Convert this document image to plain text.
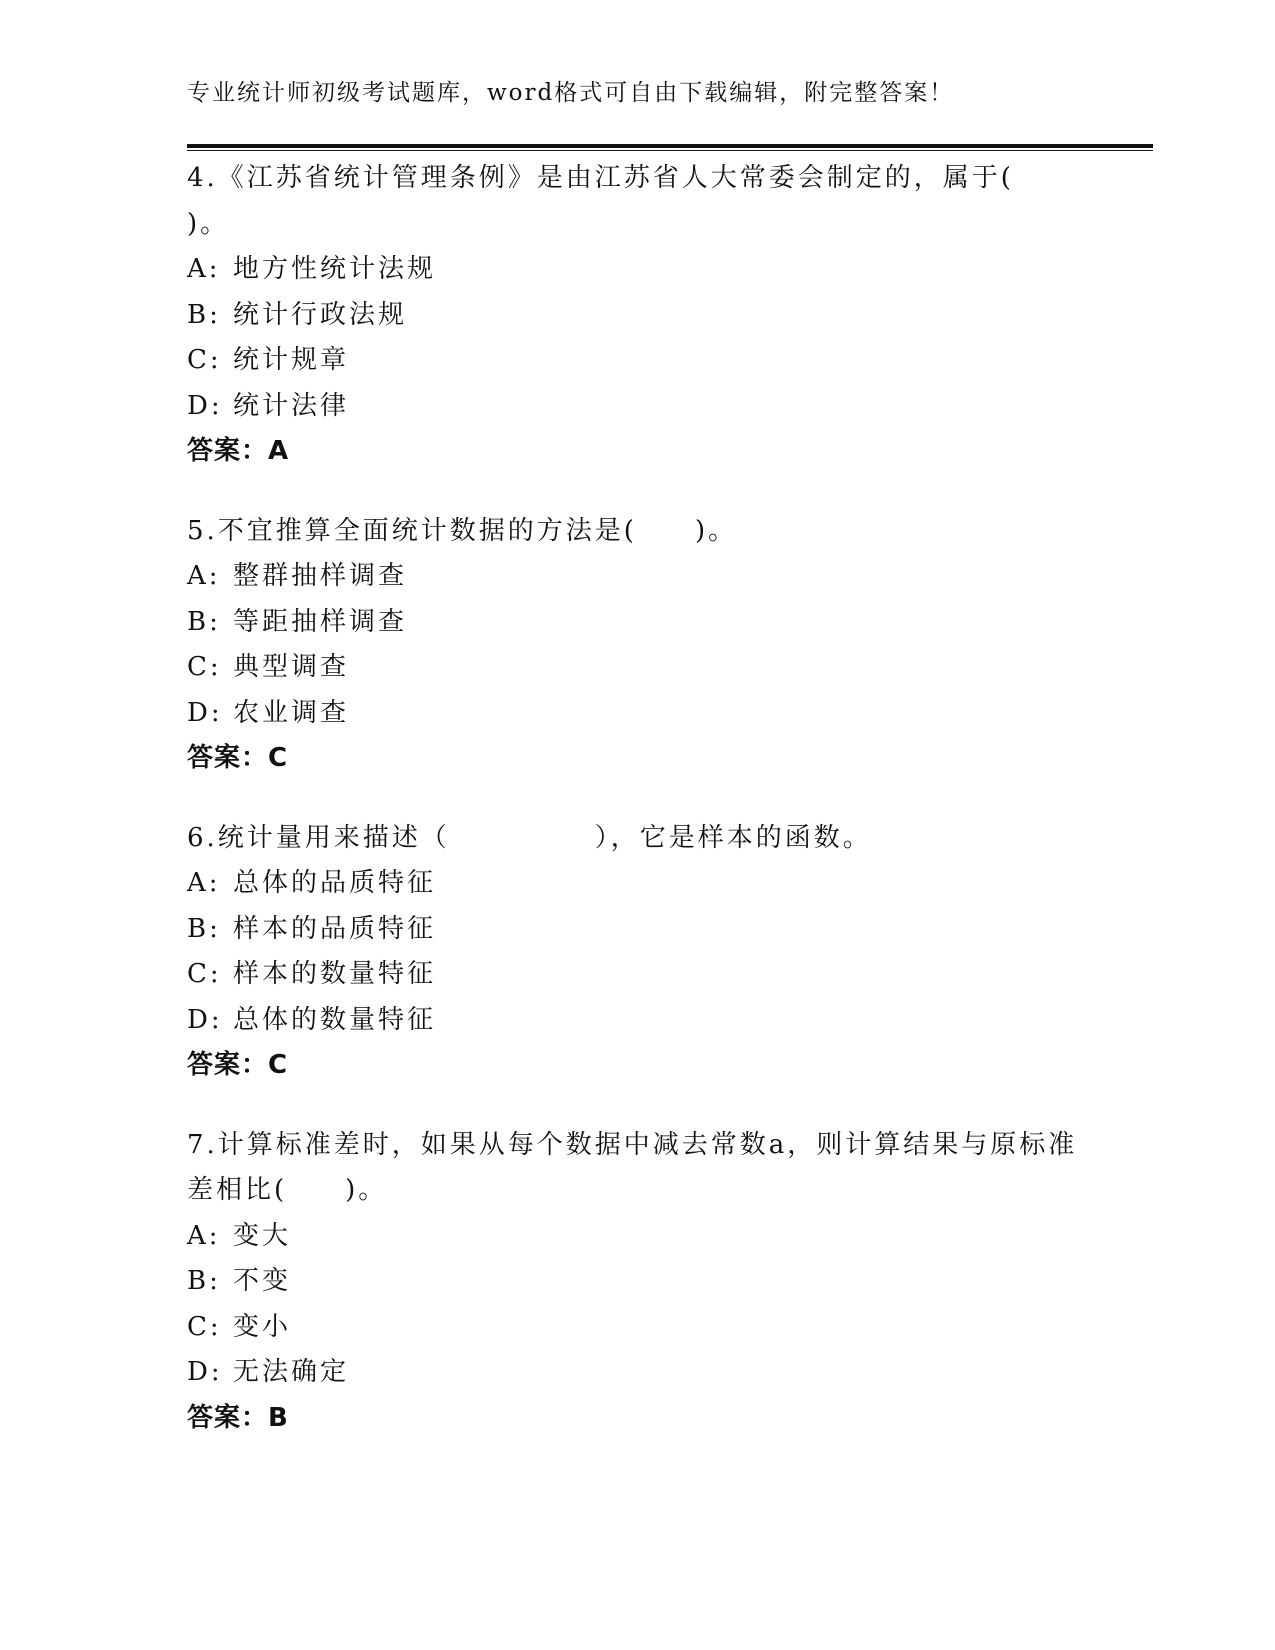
专业统计师初级考试题库，word格式可自由下载编辑，附完整答案！
4.《江苏省统计管理条例》是由江苏省人大常委会制定的，属于(
)。
A: 地方性统计法规
B: 统计行政法规
C: 统计规章
D: 统计法律
答案：A
5.不宜推算全面统计数据的方法是(　　)。
A: 整群抽样调查
B: 等距抽样调查
C: 典型调查
D: 农业调查
答案：C
6.统计量用来描述（　　　　　），它是样本的函数。
A: 总体的品质特征
B: 样本的品质特征
C: 样本的数量特征
D: 总体的数量特征
答案：C
7.计算标准差时，如果从每个数据中减去常数a，则计算结果与原标准
差相比(　　)。
A: 变大
B: 不变
C: 变小
D: 无法确定
答案：B
